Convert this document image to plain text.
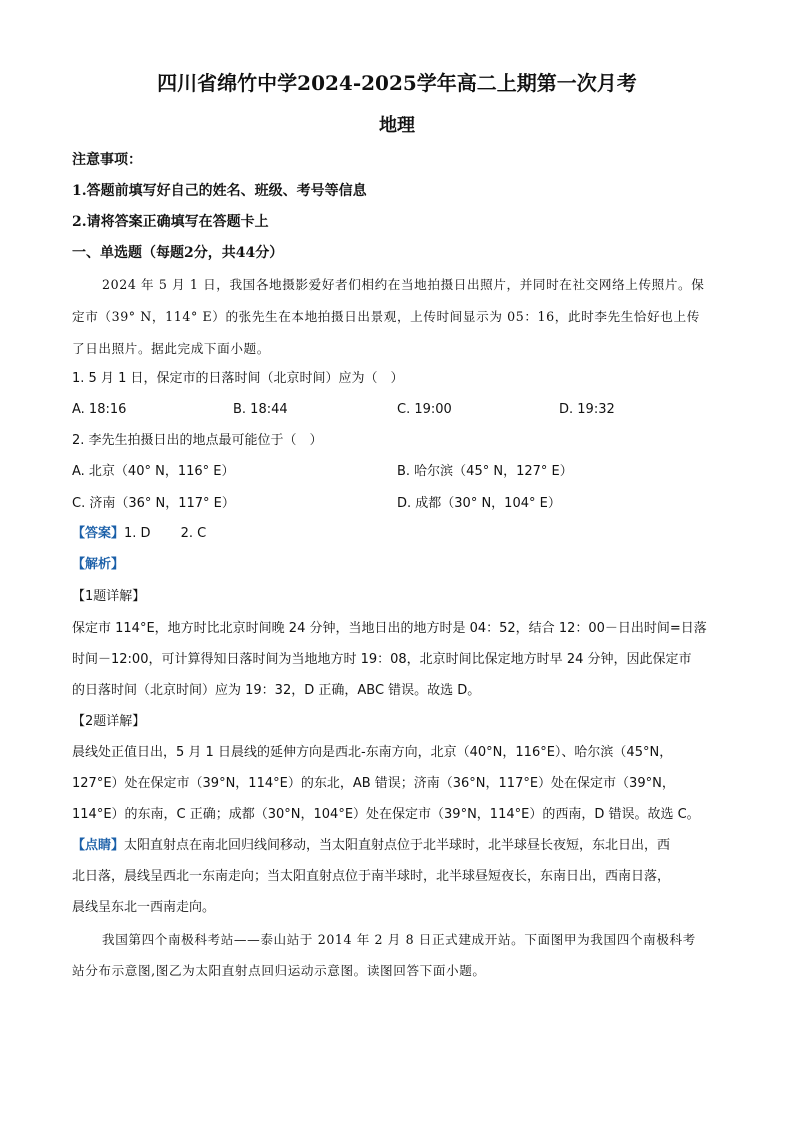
四川省绵竹中学2024-2025学年高二上期第一次月考
地理
注意事项：
1.答题前填写好自己的姓名、班级、考号等信息
2.请将答案正确填写在答题卡上
一、单选题（每题2分，共44分）
2024 年 5 月 1 日，我国各地摄影爱好者们相约在当地拍摄日出照片，并同时在社交网络上传照片。保
定市（39° N，114° E）的张先生在本地拍摄日出景观，上传时间显示为 05：16，此时李先生恰好也上传
了日出照片。据此完成下面小题。
1. 5 月 1 日，保定市的日落时间（北京时间）应为（　）
A. 18:16	B. 18:44	C. 19:00	D. 19:32
2. 李先生拍摄日出的地点最可能位于（　）
A. 北京（40° N，116° E）	B. 哈尔滨（45° N，127° E）
C. 济南（36° N，117° E）	D. 成都（30° N，104° E）
【答案】1. D 2. C
【解析】
【1题详解】
保定市 114°E，地方时比北京时间晚 24 分钟，当地日出的地方时是 04：52，结合 12：00－日出时间=日落
时间－12:00，可计算得知日落时间为当地地方时 19：08，北京时间比保定地方时早 24 分钟，因此保定市
的日落时间（北京时间）应为 19：32，D 正确，ABC 错误。故选 D。
【2题详解】
晨线处正值日出，5 月 1 日晨线的延伸方向是西北-东南方向，北京（40°N，116°E）、哈尔滨（45°N，
127°E）处在保定市（39°N，114°E）的东北，AB 错误；济南（36°N，117°E）处在保定市（39°N，
114°E）的东南，C 正确；成都（30°N，104°E）处在保定市（39°N，114°E）的西南，D 错误。故选 C。
【点睛】太阳直射点在南北回归线间移动，当太阳直射点位于北半球时，北半球昼长夜短，东北日出，西
北日落，晨线呈西北一东南走向；当太阳直射点位于南半球时，北半球昼短夜长，东南日出，西南日落，
晨线呈东北一西南走向。
我国第四个南极科考站——泰山站于 2014 年 2 月 8 日正式建成开站。下面图甲为我国四个南极科考
站分布示意图,图乙为太阳直射点回归运动示意图。读图回答下面小题。
